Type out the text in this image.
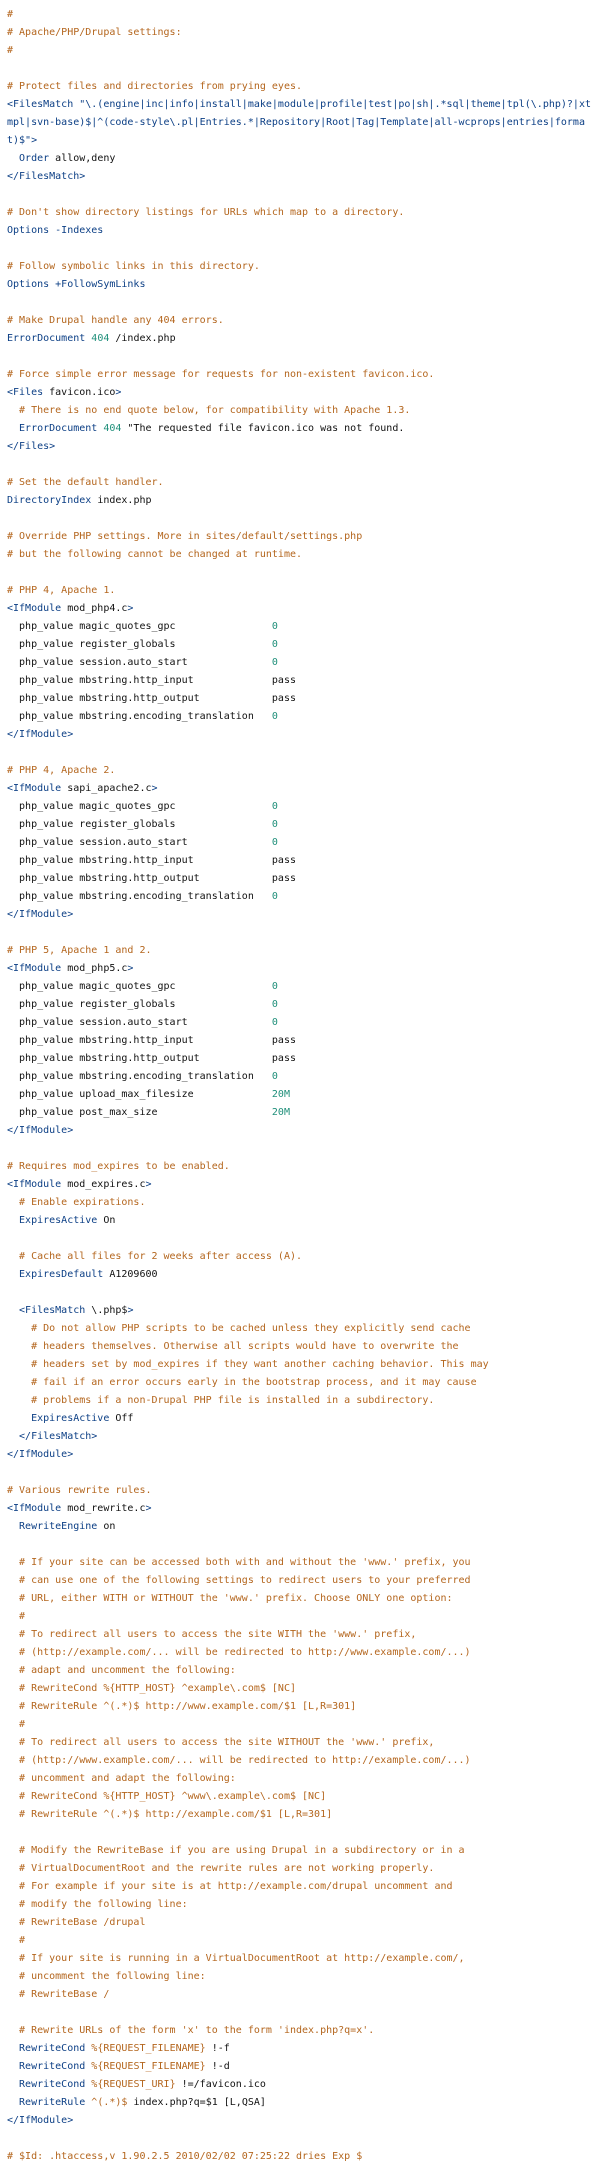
#
# Apache/PHP/Drupal settings:
#
# Protect files and directories from prying eyes.
<FilesMatch "\.(engine|inc|info|install|make|module|profile|test|po|sh|.*sql|theme|tpl(\.php)?|xtmpl|svn-base)$|^(code-style\.pl|Entries.*|Repository|Root|Tag|Template|all-wcprops|entries|format)$">
Order allow,deny
</FilesMatch>
# Don't show directory listings for URLs which map to a directory.
Options -Indexes
# Follow symbolic links in this directory.
Options +FollowSymLinks
# Make Drupal handle any 404 errors.
ErrorDocument 404 /index.php
# Force simple error message for requests for non-existent favicon.ico.
<Files favicon.ico>
# There is no end quote below, for compatibility with Apache 1.3.
ErrorDocument 404 "The requested file favicon.ico was not found.
</Files>
# Set the default handler.
DirectoryIndex index.php
# Override PHP settings. More in sites/default/settings.php
# but the following cannot be changed at runtime.
# PHP 4, Apache 1.
<IfModule mod_php4.c>
php_value magic_quotes_gpc                0
php_value register_globals                0
php_value session.auto_start              0
php_value mbstring.http_input             pass
php_value mbstring.http_output            pass
php_value mbstring.encoding_translation   0
</IfModule>
# PHP 4, Apache 2.
<IfModule sapi_apache2.c>
php_value magic_quotes_gpc                0
php_value register_globals                0
php_value session.auto_start              0
php_value mbstring.http_input             pass
php_value mbstring.http_output            pass
php_value mbstring.encoding_translation   0
</IfModule>
# PHP 5, Apache 1 and 2.
<IfModule mod_php5.c>
php_value magic_quotes_gpc                0
php_value register_globals                0
php_value session.auto_start              0
php_value mbstring.http_input             pass
php_value mbstring.http_output            pass
php_value mbstring.encoding_translation   0
php_value upload_max_filesize             20M
php_value post_max_size                   20M
</IfModule>
# Requires mod_expires to be enabled.
<IfModule mod_expires.c>
# Enable expirations.
ExpiresActive On
# Cache all files for 2 weeks after access (A).
ExpiresDefault A1209600
<FilesMatch \.php$>
# Do not allow PHP scripts to be cached unless they explicitly send cache
# headers themselves. Otherwise all scripts would have to overwrite the
# headers set by mod_expires if they want another caching behavior. This may
# fail if an error occurs early in the bootstrap process, and it may cause
# problems if a non-Drupal PHP file is installed in a subdirectory.
ExpiresActive Off
</FilesMatch>
</IfModule>
# Various rewrite rules.
<IfModule mod_rewrite.c>
RewriteEngine on
# If your site can be accessed both with and without the 'www.' prefix, you
# can use one of the following settings to redirect users to your preferred
# URL, either WITH or WITHOUT the 'www.' prefix. Choose ONLY one option:
#
# To redirect all users to access the site WITH the 'www.' prefix,
# (http://example.com/... will be redirected to http://www.example.com/...)
# adapt and uncomment the following:
# RewriteCond %{HTTP_HOST} ^example\.com$ [NC]
# RewriteRule ^(.*)$ http://www.example.com/$1 [L,R=301]
#
# To redirect all users to access the site WITHOUT the 'www.' prefix,
# (http://www.example.com/... will be redirected to http://example.com/...)
# uncomment and adapt the following:
# RewriteCond %{HTTP_HOST} ^www\.example\.com$ [NC]
# RewriteRule ^(.*)$ http://example.com/$1 [L,R=301]
# Modify the RewriteBase if you are using Drupal in a subdirectory or in a
# VirtualDocumentRoot and the rewrite rules are not working properly.
# For example if your site is at http://example.com/drupal uncomment and
# modify the following line:
# RewriteBase /drupal
#
# If your site is running in a VirtualDocumentRoot at http://example.com/,
# uncomment the following line:
# RewriteBase /
# Rewrite URLs of the form 'x' to the form 'index.php?q=x'.
RewriteCond %{REQUEST_FILENAME} !-f
RewriteCond %{REQUEST_FILENAME} !-d
RewriteCond %{REQUEST_URI} !=/favicon.ico
RewriteRule ^(.*)$ index.php?q=$1 [L,QSA]
</IfModule>
# $Id: .htaccess,v 1.90.2.5 2010/02/02 07:25:22 dries Exp $
